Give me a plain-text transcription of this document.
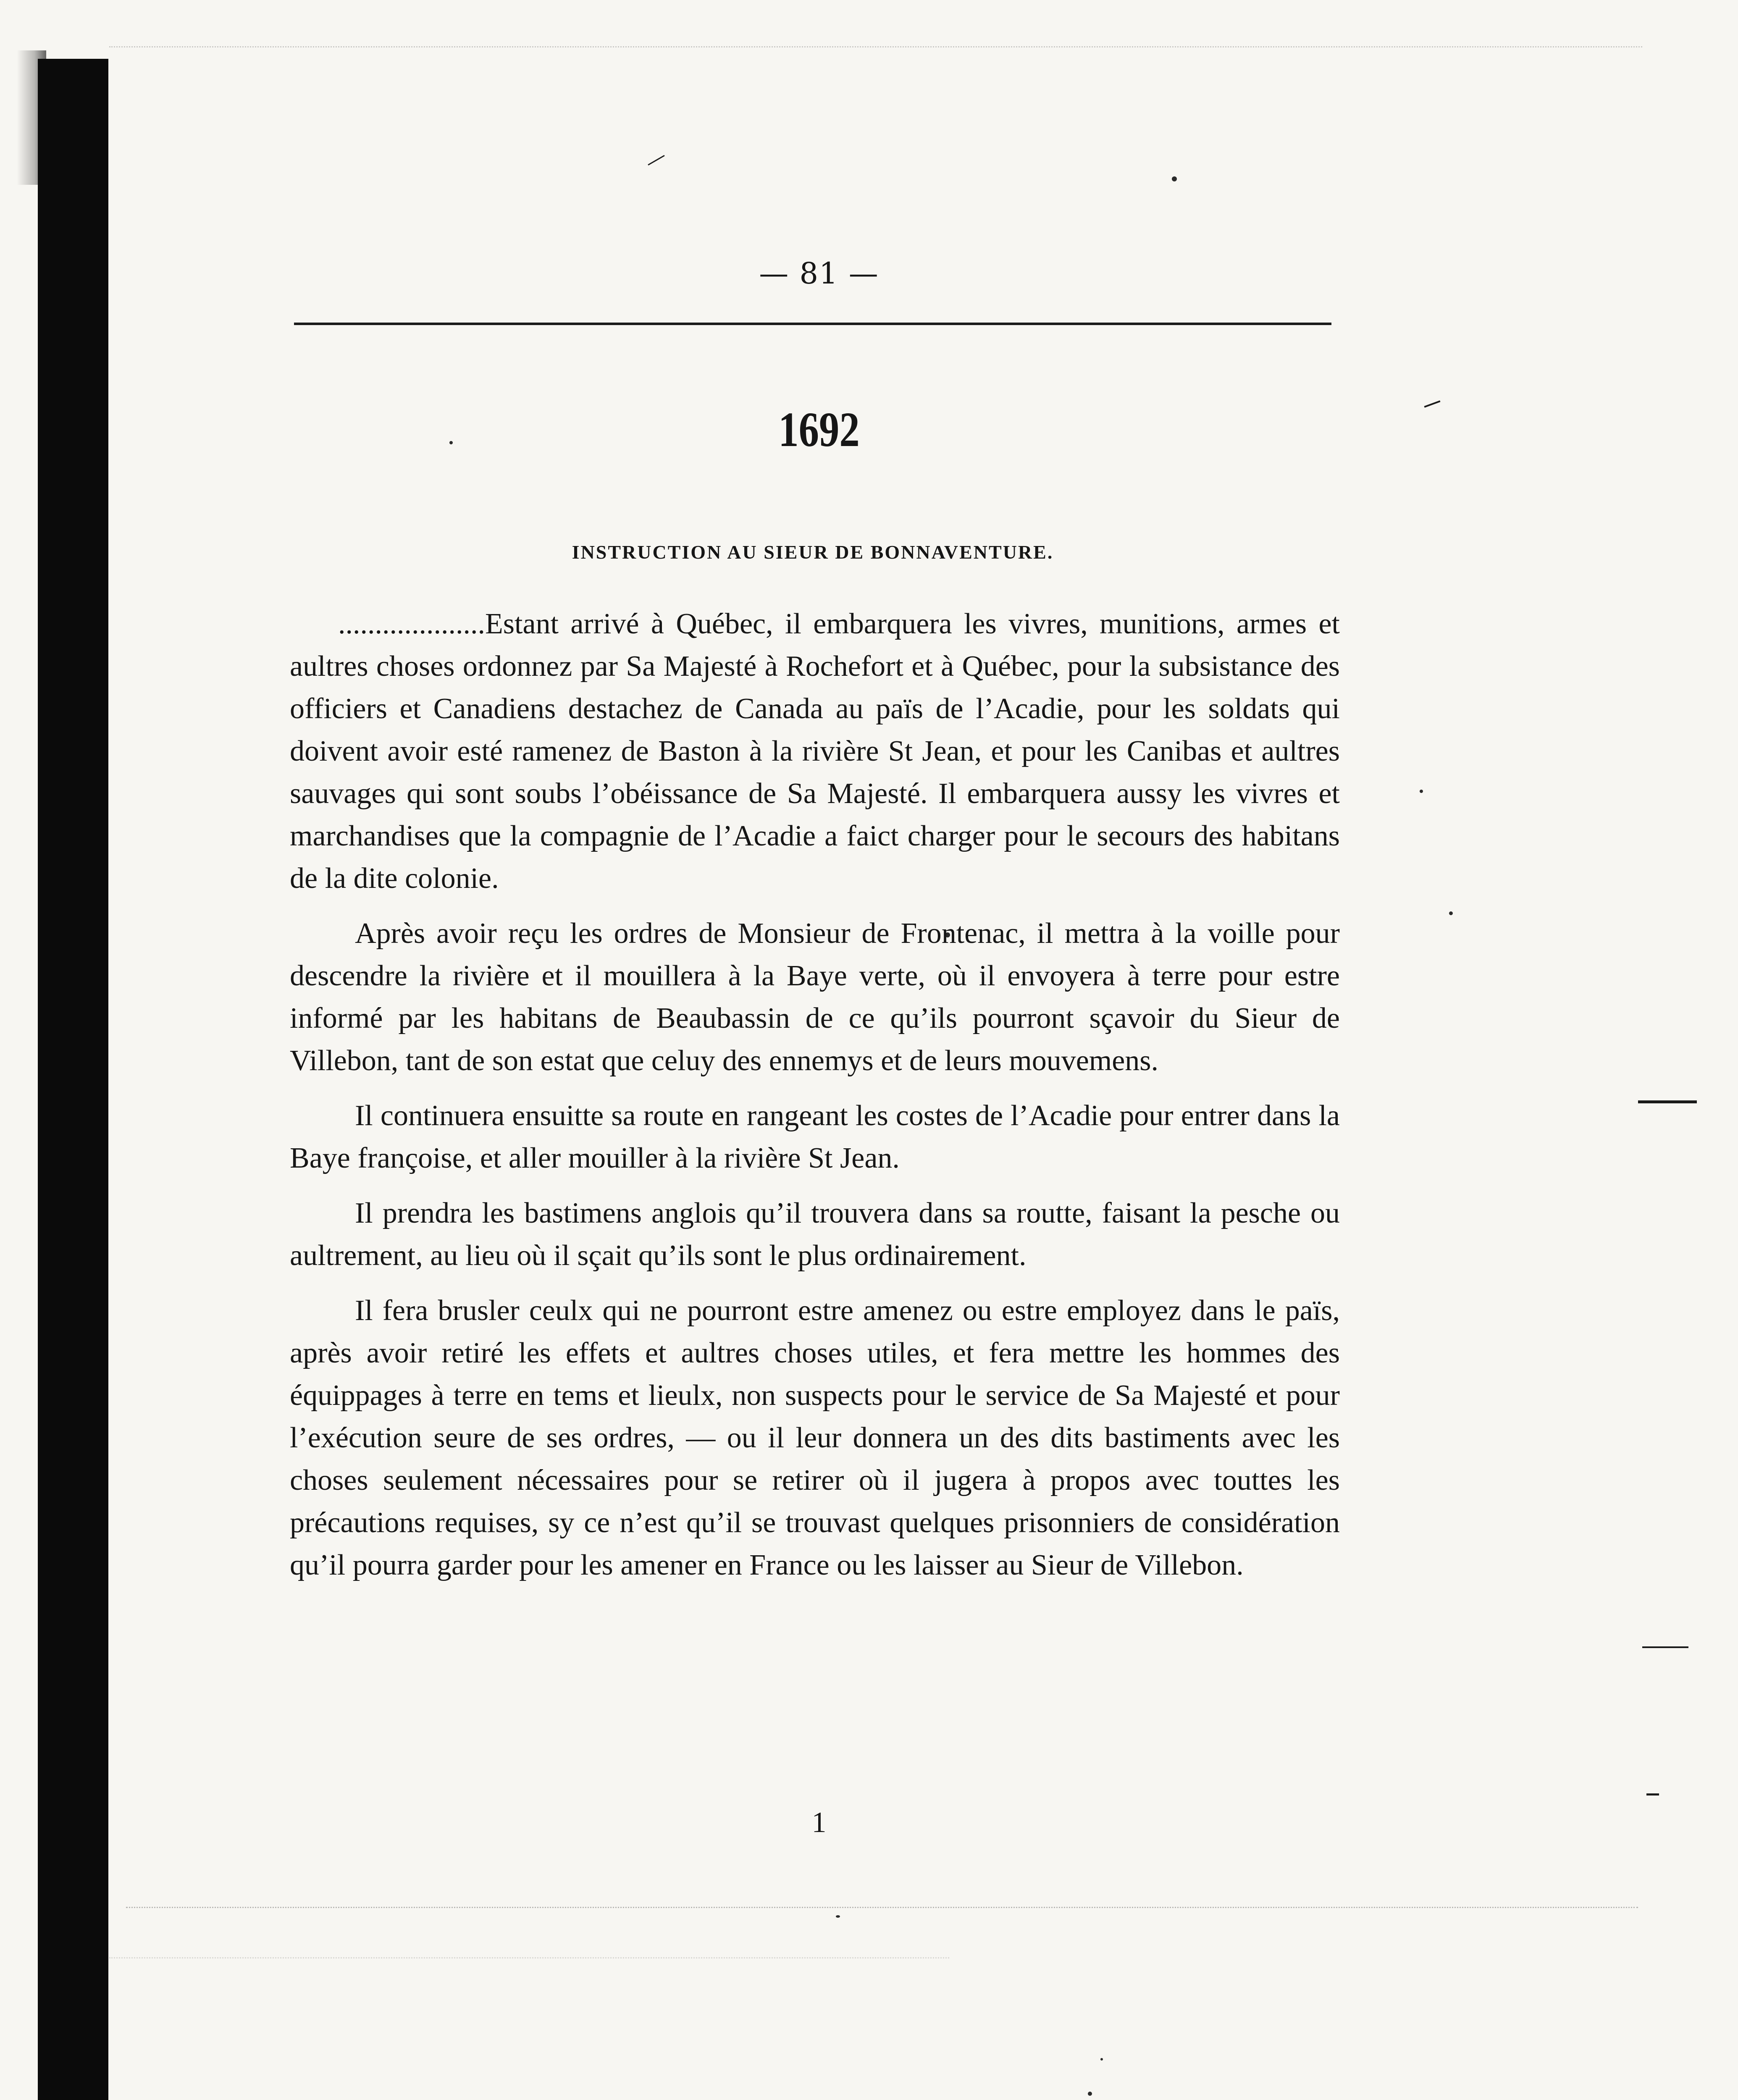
— 81 —
1692
INSTRUCTION AU SIEUR DE BONNAVENTURE.

....................Estant arrivé à Québec, il embarquera les vivres, munitions, armes et aultres choses ordonnez par Sa Majesté à Rochefort et à Québec, pour la subsistance des officiers et Canadiens destachez de Canada au païs de l’Acadie, pour les soldats qui doivent avoir esté ramenez de Baston à la rivière St Jean, et pour les Canibas et aultres sauvages qui sont soubs l’obéissance de Sa Majesté. Il embarquera aussy les vivres et marchandises que la compagnie de l’Acadie a faict charger pour le secours des habitans de la dite colonie.

Après avoir reçu les ordres de Monsieur de Frontenac, il mettra à la voille pour descendre la rivière et il mouillera à la Baye verte, où il envoyera à terre pour estre informé par les habitans de Beaubassin de ce qu’ils pourront sçavoir du Sieur de Villebon, tant de son estat que celuy des ennemys et de leurs mouvemens.

Il continuera ensuitte sa route en rangeant les costes de l’Acadie pour entrer dans la Baye françoise, et aller mouiller à la rivière St Jean.

Il prendra les bastimens anglois qu’il trouvera dans sa routte, faisant la pesche ou aultrement, au lieu où il sçait qu’ils sont le plus ordinairement.

Il fera brusler ceulx qui ne pourront estre amenez ou estre employez dans le païs, après avoir retiré les effets et aultres choses utiles, et fera mettre les hommes des équippages à terre en tems et lieulx, non suspects pour le service de Sa Majesté et pour l’exécution seure de ses ordres, — ou il leur donnera un des dits bastiments avec les choses seulement nécessaires pour se retirer où il jugera à propos avec touttes les précautions requises, sy ce n’est qu’il se trouvast quelques prisonniers de considération qu’il pourra garder pour les amener en France ou les laisser au Sieur de Villebon.

1
